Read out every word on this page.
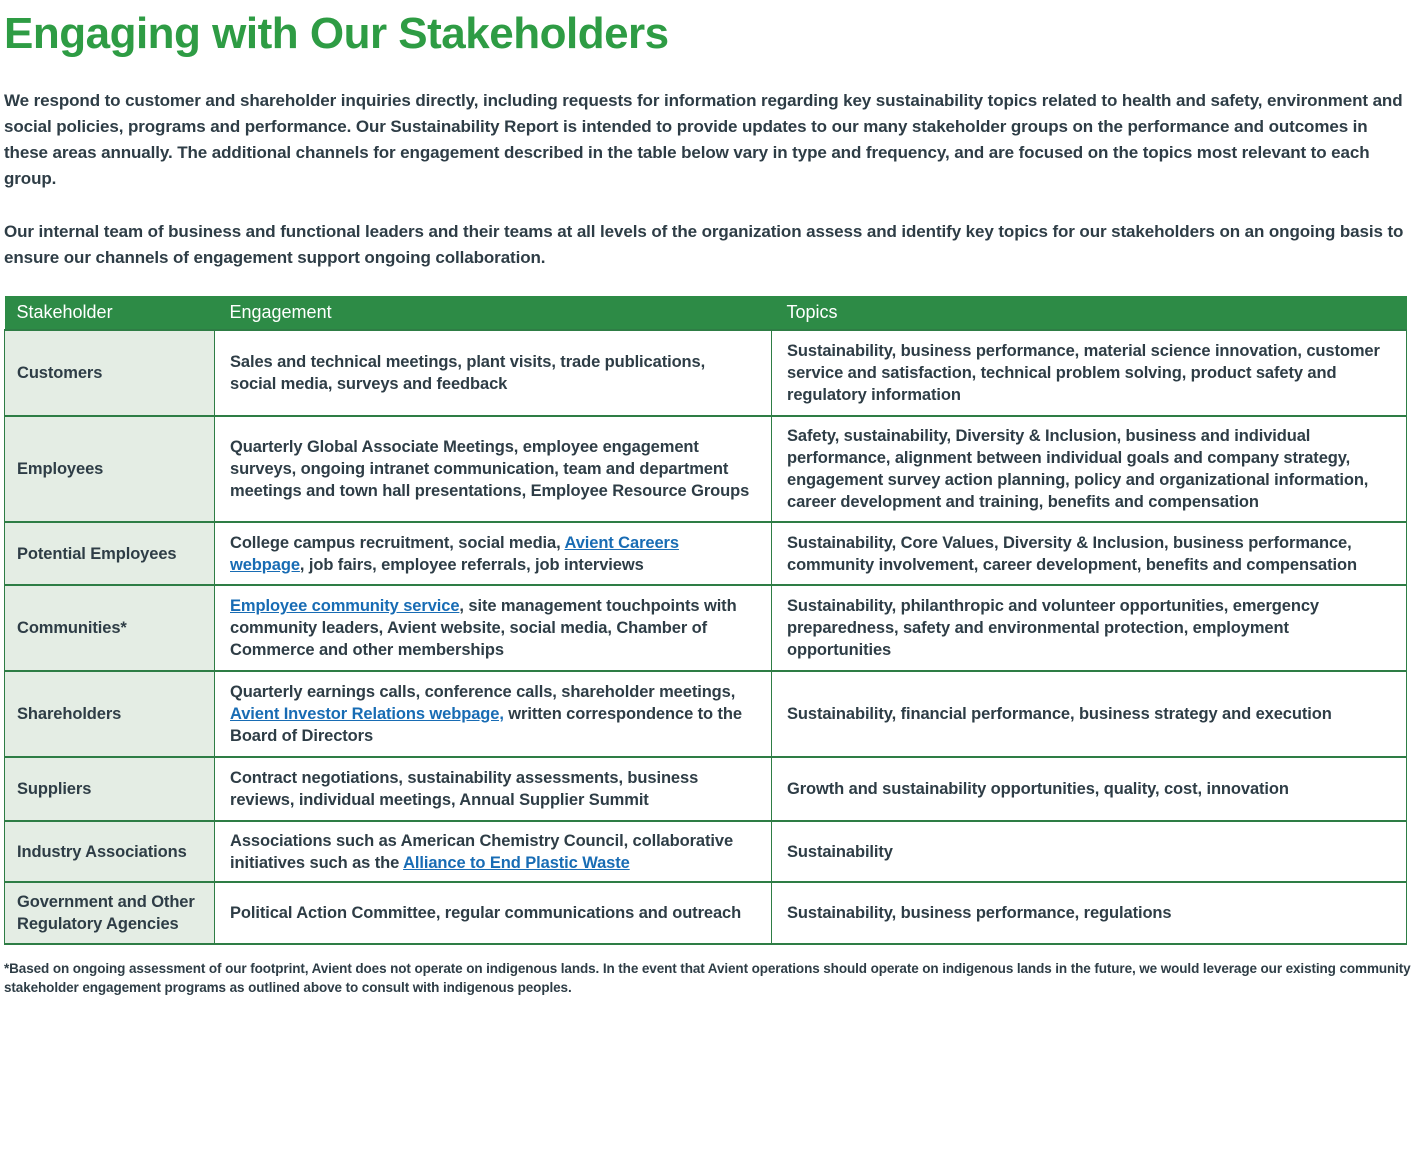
Engaging with Our Stakeholders

We respond to customer and shareholder inquiries directly, including requests for information regarding key sustainability topics related to health and safety, environment and social policies, programs and performance. Our Sustainability Report is intended to provide updates to our many stakeholder groups on the performance and outcomes in these areas annually. The additional channels for engagement described in the table below vary in type and frequency, and are focused on the topics most relevant to each group.

Our internal team of business and functional leaders and their teams at all levels of the organization assess and identify key topics for our stakeholders on an ongoing basis to ensure our channels of engagement support ongoing collaboration.

Stakeholder	Engagement	Topics
Customers	Sales and technical meetings, plant visits, trade publications, social media, surveys and feedback	Sustainability, business performance, material science innovation, customer service and satisfaction, technical problem solving, product safety and regulatory information
Employees	Quarterly Global Associate Meetings, employee engagement surveys, ongoing intranet communication, team and department meetings and town hall presentations, Employee Resource Groups	Safety, sustainability, Diversity & Inclusion, business and individual performance, alignment between individual goals and company strategy, engagement survey action planning, policy and organizational information, career development and training, benefits and compensation
Potential Employees	College campus recruitment, social media, Avient Careers webpage, job fairs, employee referrals, job interviews	Sustainability, Core Values, Diversity & Inclusion, business performance, community involvement, career development, benefits and compensation
Communities*	Employee community service, site management touchpoints with community leaders, Avient website, social media, Chamber of Commerce and other memberships	Sustainability, philanthropic and volunteer opportunities, emergency preparedness, safety and environmental protection, employment opportunities
Shareholders	Quarterly earnings calls, conference calls, shareholder meetings, Avient Investor Relations webpage, written correspondence to the Board of Directors	Sustainability, financial performance, business strategy and execution
Suppliers	Contract negotiations, sustainability assessments, business reviews, individual meetings, Annual Supplier Summit	Growth and sustainability opportunities, quality, cost, innovation
Industry Associations	Associations such as American Chemistry Council, collaborative initiatives such as the Alliance to End Plastic Waste	Sustainability
Government and Other Regulatory Agencies	Political Action Committee, regular communications and outreach	Sustainability, business performance, regulations

*Based on ongoing assessment of our footprint, Avient does not operate on indigenous lands. In the event that Avient operations should operate on indigenous lands in the future, we would leverage our existing community stakeholder engagement programs as outlined above to consult with indigenous peoples.
